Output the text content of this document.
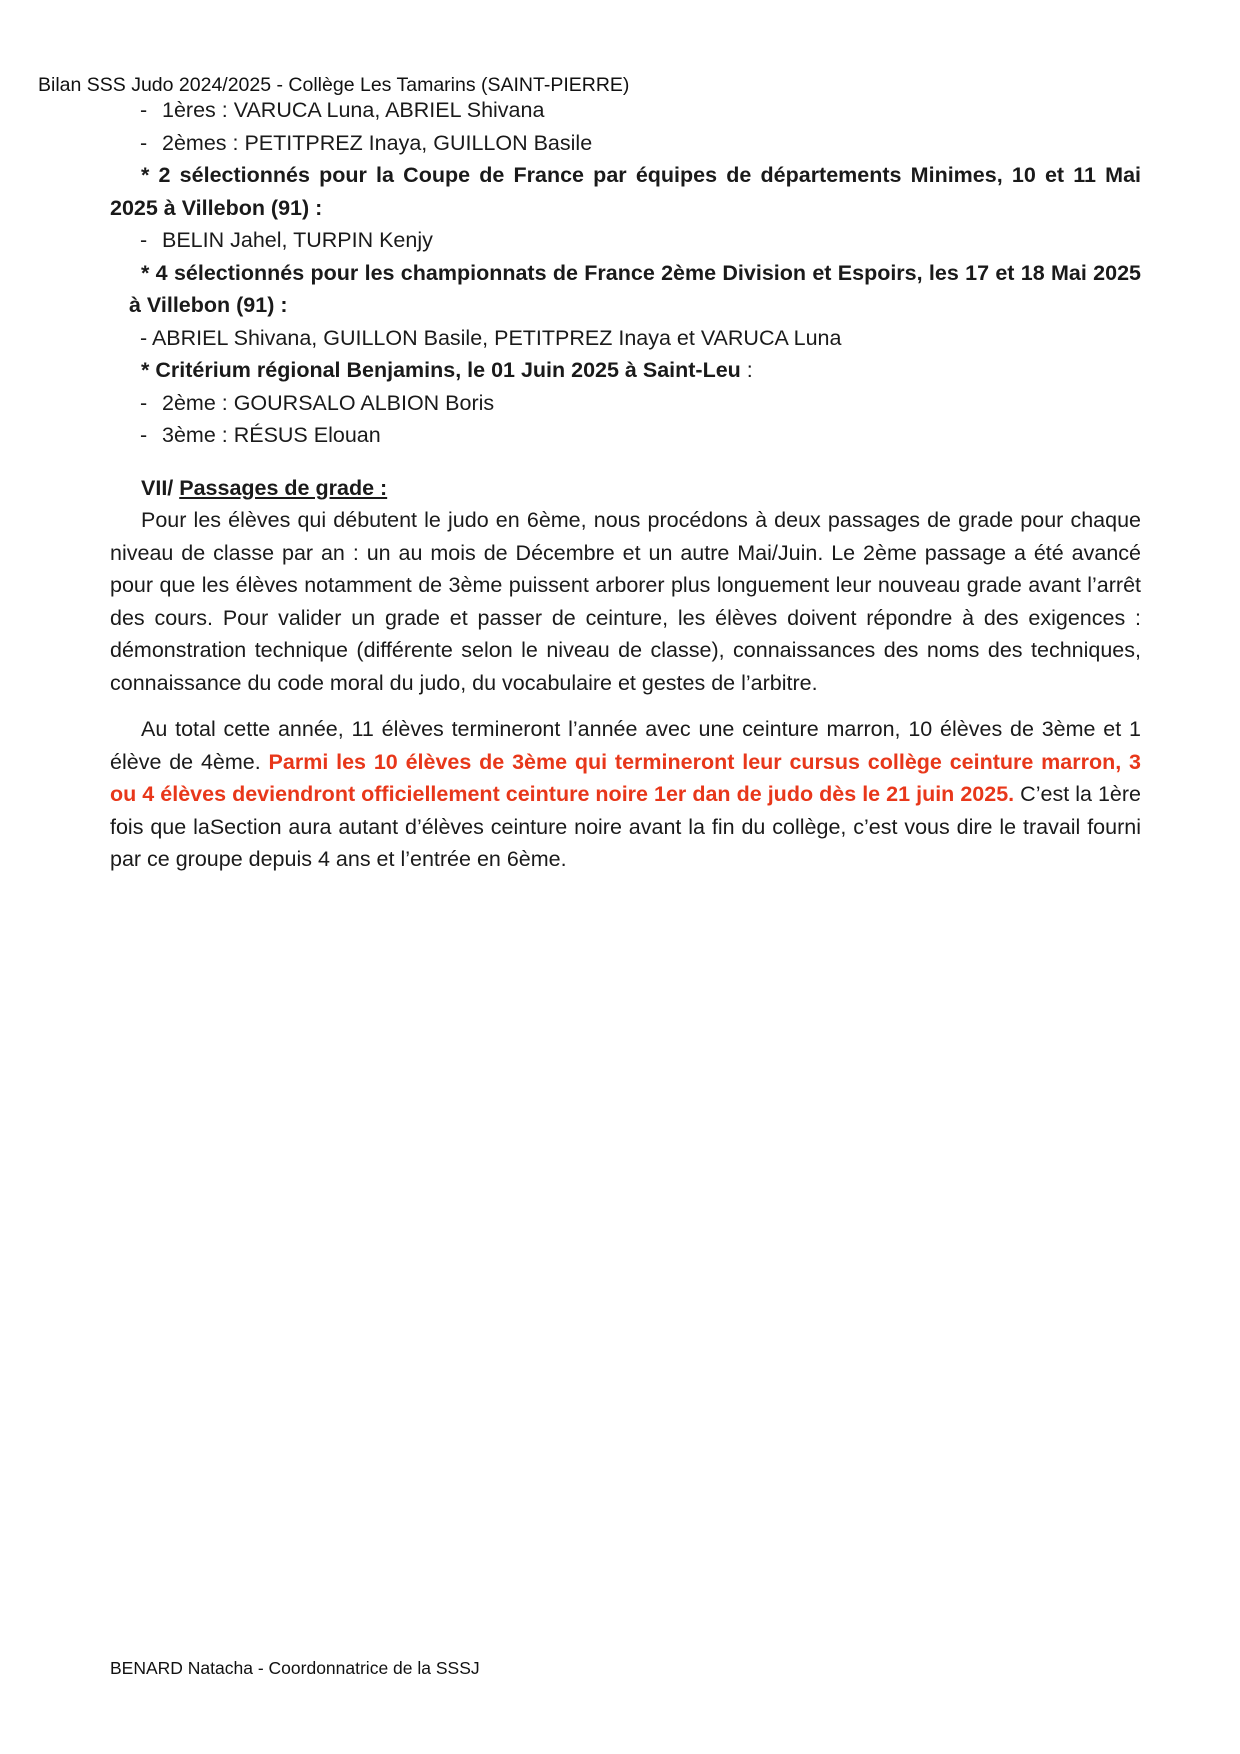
Bilan SSS Judo 2024/2025 - Collège Les Tamarins (SAINT-PIERRE)
- 1ères : VARUCA Luna, ABRIEL Shivana
- 2èmes : PETITPREZ Inaya, GUILLON Basile
* 2 sélectionnés pour la Coupe de France par équipes de départements Minimes, 10 et 11 Mai 2025 à Villebon (91) :
- BELIN Jahel, TURPIN Kenjy
* 4 sélectionnés pour les championnats de France 2ème Division et Espoirs, les 17 et 18 Mai 2025 à Villebon (91) :
- ABRIEL Shivana, GUILLON Basile, PETITPREZ Inaya et VARUCA Luna
* Critérium régional Benjamins, le 01 Juin 2025 à Saint-Leu :
- 2ème : GOURSALO ALBION Boris
- 3ème : RÉSUS Elouan
VII/ Passages de grade :

Pour les élèves qui débutent le judo en 6ème, nous procédons à deux passages de grade pour chaque niveau de classe par an : un au mois de Décembre et un autre Mai/Juin. Le 2ème passage a été avancé pour que les élèves notamment de 3ème puissent arborer plus longuement leur nouveau grade avant l’arrêt des cours. Pour valider un grade et passer de ceinture, les élèves doivent répondre à des exigences : démonstration technique (différente selon le niveau de classe), connaissances des noms des techniques, connaissance du code moral du judo, du vocabulaire et gestes de l’arbitre.

Au total cette année, 11 élèves termineront l’année avec une ceinture marron, 10 élèves de 3ème et 1 élève de 4ème. Parmi les 10 élèves de 3ème qui termineront leur cursus collège ceinture marron, 3 ou 4 élèves deviendront officiellement ceinture noire 1er dan de judo dès le 21 juin 2025. C’est la 1ère fois que laSection aura autant d’élèves ceinture noire avant la fin du collège, c’est vous dire le travail fourni par ce groupe depuis 4 ans et l’entrée en 6ème.

BENARD Natacha - Coordonnatrice de la SSSJ
